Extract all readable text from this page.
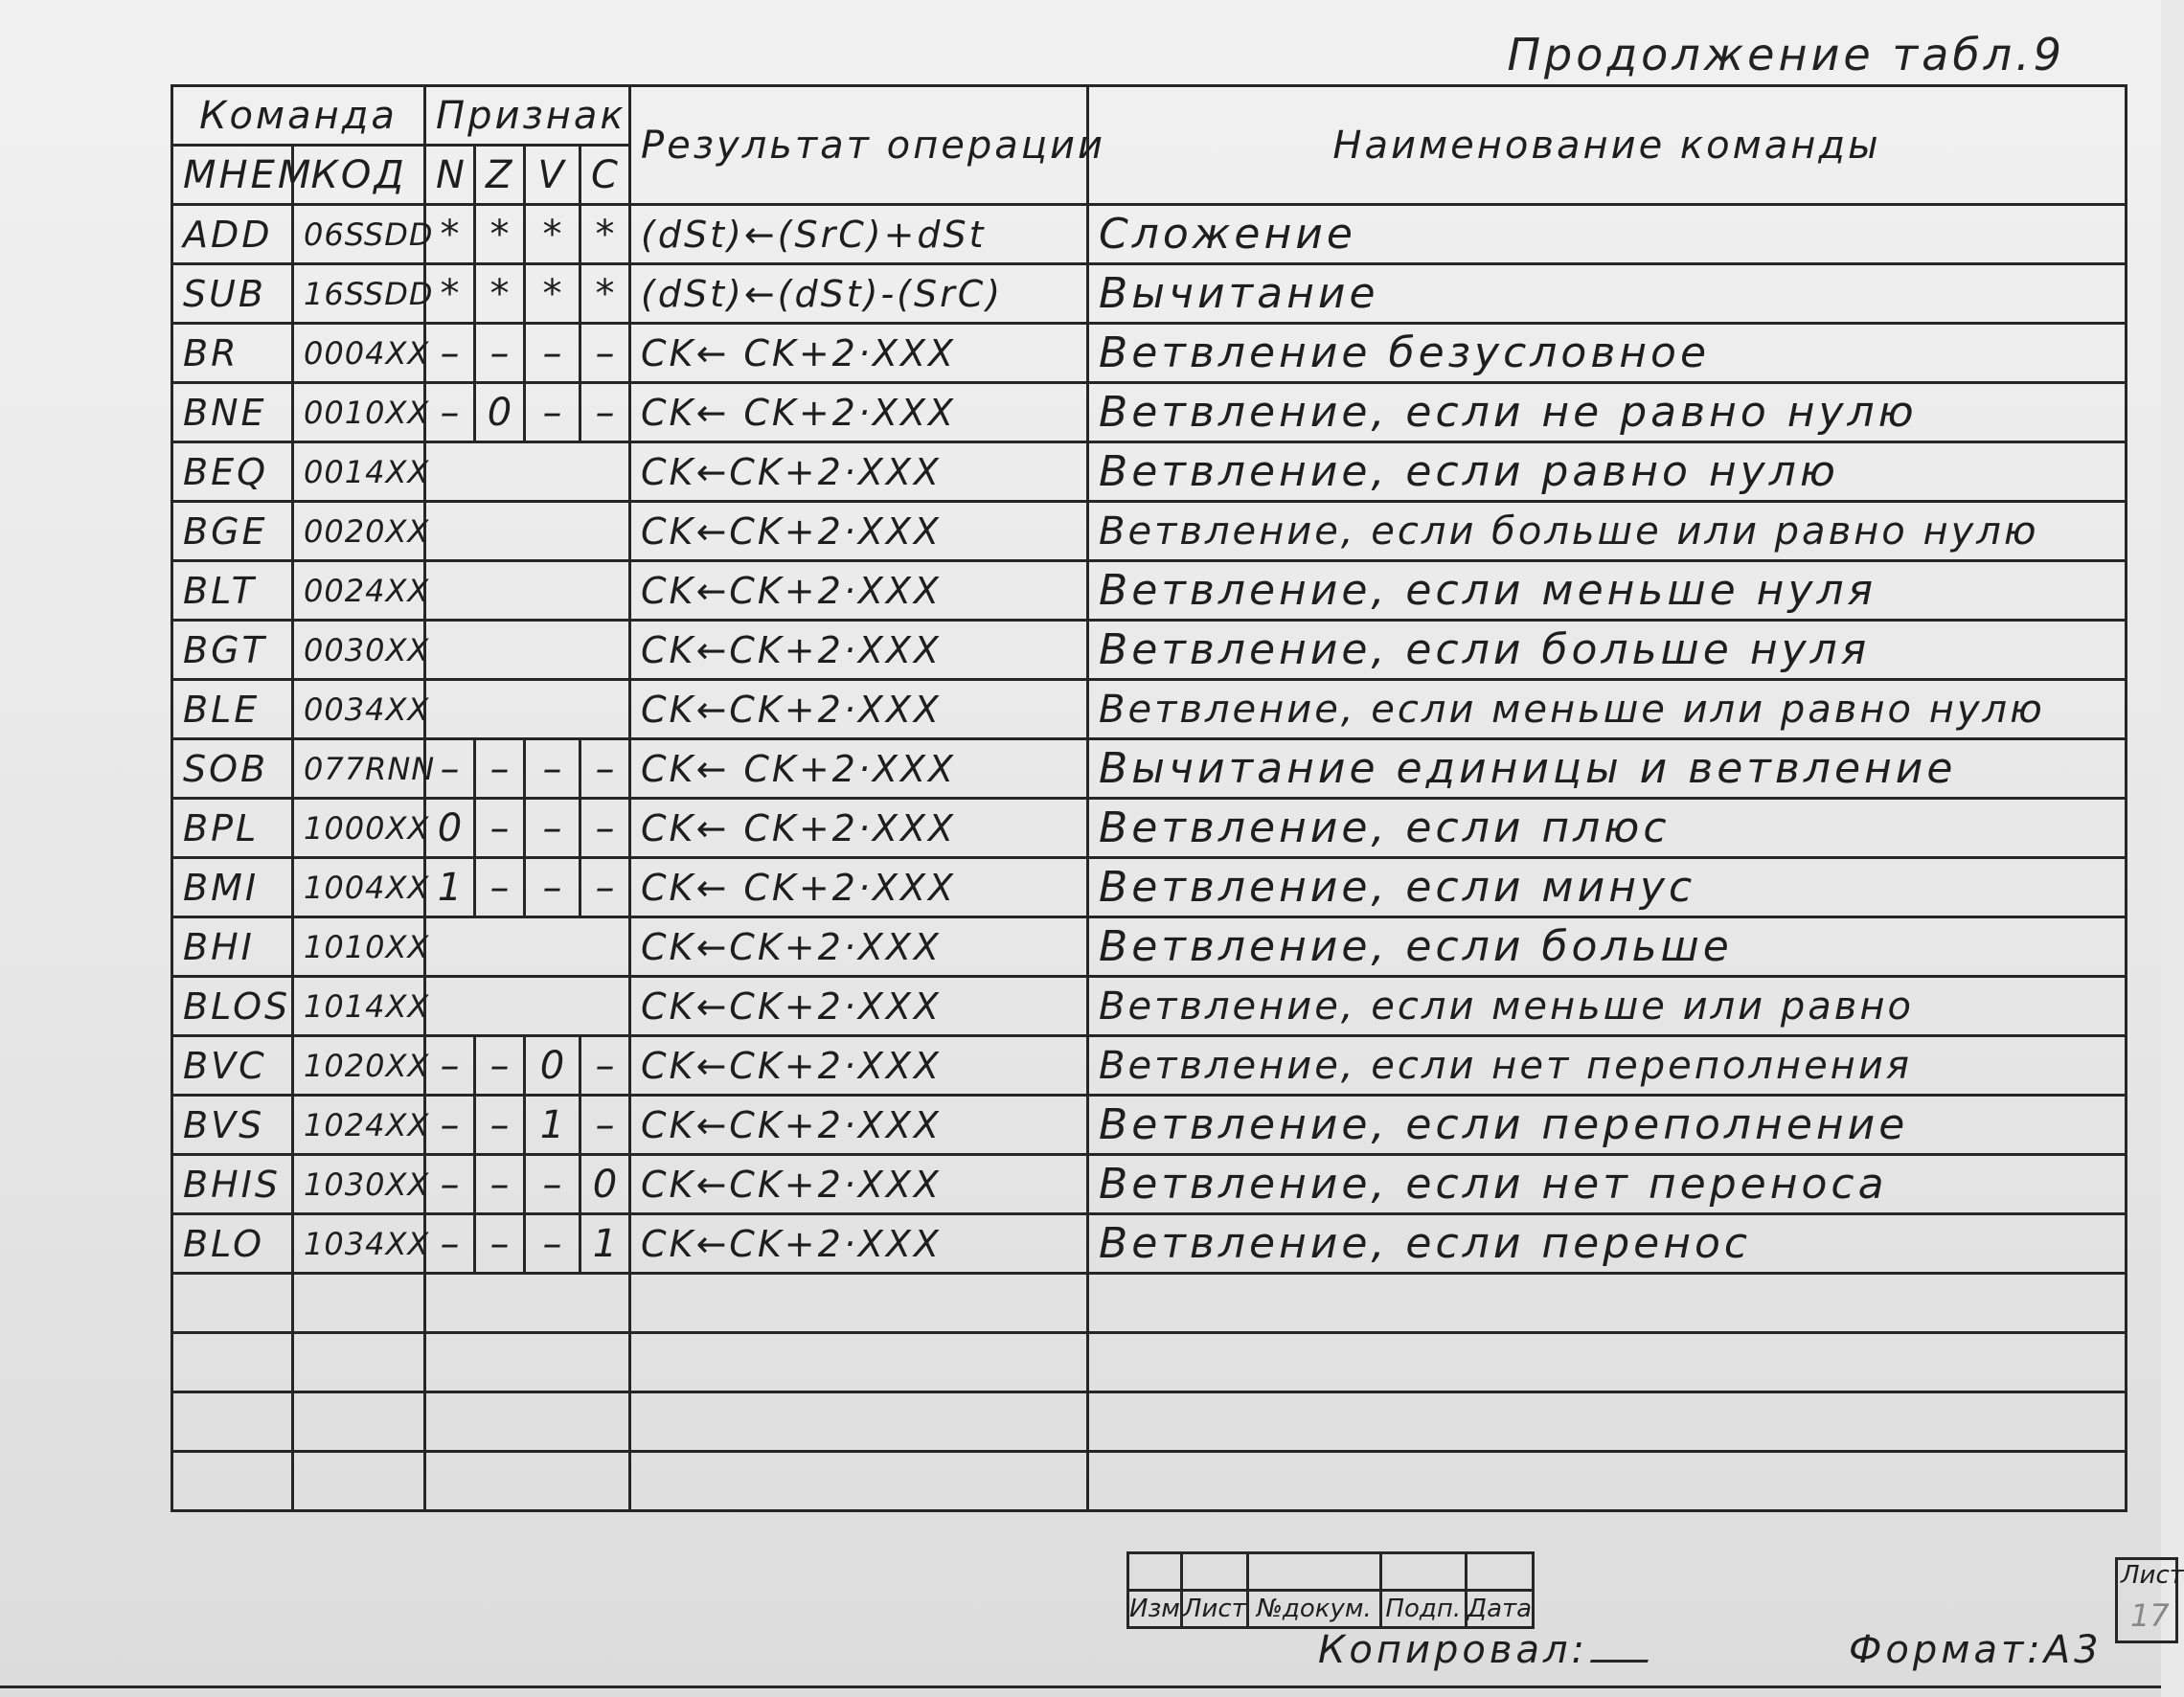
Продолжение табл.9
Команда		Признак				Результат операции	Наименование команды
МНЕМ	КОД	N	Z	V	C		
ADD	06SSDD	*	*	*	*	(dSt)←(SrC)+dSt	Сложение
SUB	16SSDD	*	*	*	*	(dSt)←(dSt)-(SrC)	Вычитание
BR	0004XX	–	–	–	–	CK← CK+2·XXX	Ветвление безусловное
BNE	0010XX	–	0	–	–	CK← CK+2·XXX	Ветвление, если не равно нулю
BEQ	0014XX					CK←CK+2·XXX	Ветвление, если равно нулю
BGE	0020XX					CK←CK+2·XXX	Ветвление, если больше или равно нулю
BLT	0024XX					CK←CK+2·XXX	Ветвление, если меньше нуля
BGT	0030XX					CK←CK+2·XXX	Ветвление, если больше нуля
BLE	0034XX					CK←CK+2·XXX	Ветвление, если меньше или равно нулю
SOB	077RNN	–	–	–	–	CK← CK+2·XXX	Вычитание единицы и ветвление
BPL	1000XX	0	–	–	–	CK← CK+2·XXX	Ветвление, если плюс
BMI	1004XX	1	–	–	–	CK← CK+2·XXX	Ветвление, если минус
BHI	1010XX					CK←CK+2·XXX	Ветвление, если больше
BLOS	1014XX					CK←CK+2·XXX	Ветвление, если меньше или равно
BVC	1020XX	–	–	0	–	CK←CK+2·XXX	Ветвление, если нет переполнения
BVS	1024XX	–	–	1	–	CK←CK+2·XXX	Ветвление, если переполнение
BHIS	1030XX	–	–	–	0	CK←CK+2·XXX	Ветвление, если нет переноса
BLO	1034XX	–	–	–	1	CK←CK+2·XXX	Ветвление, если перенос

Изм	Лист	№докум.	Подп.	Дата
Лист
17
Копировал:	Формат:А3
